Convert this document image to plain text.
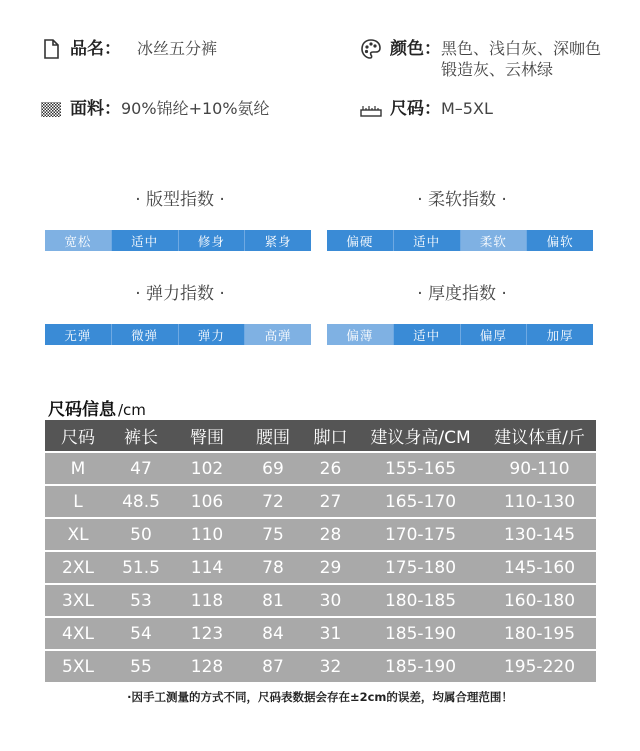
品名： 冰丝五分裤	颜色： 黑色、浅白灰、深咖色
锻造灰、云林绿
面料： 90%锦纶+10%氨纶	尺码： M–5XL
· 版型指数 ·
宽松	适中	修身	紧身
· 柔软指数 ·
偏硬	适中	柔软	偏软
· 弹力指数 ·
无弹	微弹	弹力	高弹
· 厚度指数 ·
偏薄	适中	偏厚	加厚
尺码信息 /cm
尺码	裤长	臀围	腰围	脚口	建议身高/CM	建议体重/斤
M	47	102	69	26	155-165	90-110
L	48.5	106	72	27	165-170	110-130
XL	50	110	75	28	170-175	130-145
2XL	51.5	114	78	29	175-180	145-160
3XL	53	118	81	30	180-185	160-180
4XL	54	123	84	31	185-190	180-195
5XL	55	128	87	32	185-190	195-220
·因手工测量的方式不同，尺码表数据会存在±2cm的误差，均属合理范围！
